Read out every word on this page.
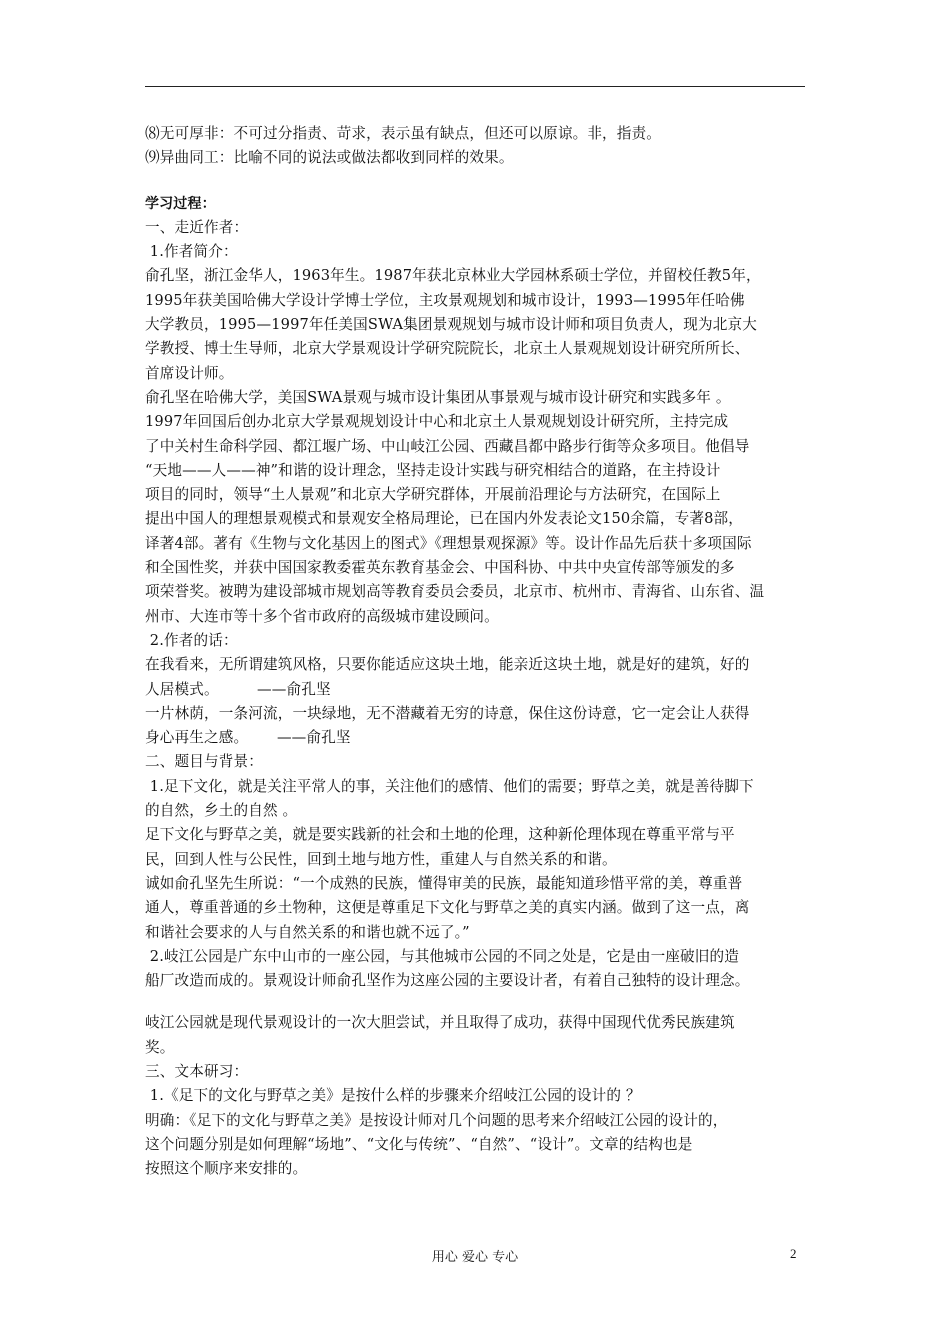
⑻无可厚非：不可过分指责、苛求，表示虽有缺点，但还可以原谅。非，指责。

⑼异曲同工：比喻不同的说法或做法都收到同样的效果。

学习过程：

一、走近作者：

1.作者简介：

俞孔坚，浙江金华人，1963年生。1987年获北京林业大学园林系硕士学位，并留校任教5年，

1995年获美国哈佛大学设计学博士学位，主攻景观规划和城市设计，1993—1995年任哈佛

大学教员，1995—1997年任美国SWA集团景观规划与城市设计师和项目负责人，现为北京大

学教授、博士生导师，北京大学景观设计学研究院院长，北京土人景观规划设计研究所所长、

首席设计师。

俞孔坚在哈佛大学，美国SWA景观与城市设计集团从事景观与城市设计研究和实践多年 。

1997年回国后创办北京大学景观规划设计中心和北京土人景观规划设计研究所，主持完成

了中关村生命科学园、都江堰广场、中山岐江公园、西藏昌都中路步行街等众多项目。他倡导

“天地——人——神”和谐的设计理念，坚持走设计实践与研究相结合的道路，在主持设计

项目的同时，领导“土人景观”和北京大学研究群体，开展前沿理论与方法研究，在国际上

提出中国人的理想景观模式和景观安全格局理论，已在国内外发表论文150余篇，专著8部，

译著4部。著有《生物与文化基因上的图式》《理想景观探源》等。设计作品先后获十多项国际

和全国性奖，并获中国国家教委霍英东教育基金会、中国科协、中共中央宣传部等颁发的多

项荣誉奖。被聘为建设部城市规划高等教育委员会委员，北京市、杭州市、青海省、山东省、温

州市、大连市等十多个省市政府的高级城市建设顾问。

2.作者的话：

在我看来，无所谓建筑风格，只要你能适应这块土地，能亲近这块土地，就是好的建筑，好的

人居模式。        ——俞孔坚

一片林荫，一条河流，一块绿地，无不潜藏着无穷的诗意，保住这份诗意，它一定会让人获得

身心再生之感。      ——俞孔坚

二、题目与背景：

1.足下文化，就是关注平常人的事，关注他们的感情、他们的需要；野草之美，就是善待脚下

的自然，乡土的自然 。

足下文化与野草之美，就是要实践新的社会和土地的伦理，这种新伦理体现在尊重平常与平

民，回到人性与公民性，回到土地与地方性，重建人与自然关系的和谐。

诚如俞孔坚先生所说：“一个成熟的民族，懂得审美的民族，最能知道珍惜平常的美，尊重普

通人，尊重普通的乡土物种，这便是尊重足下文化与野草之美的真实内涵。做到了这一点，离

和谐社会要求的人与自然关系的和谐也就不远了。”

2.岐江公园是广东中山市的一座公园，与其他城市公园的不同之处是，它是由一座破旧的造

船厂改造而成的。景观设计师俞孔坚作为这座公园的主要设计者，有着自己独特的设计理念。

岐江公园就是现代景观设计的一次大胆尝试，并且取得了成功，获得中国现代优秀民族建筑

奖。

三、文本研习：

1.《足下的文化与野草之美》是按什么样的步骤来介绍岐江公园的设计的 ？

明确：《足下的文化与野草之美》是按设计师对几个问题的思考来介绍岐江公园的设计的，

这个问题分别是如何理解“场地”、“文化与传统”、“自然”、“设计”。文章的结构也是

按照这个顺序来安排的。

用心 爱心 专心	2
